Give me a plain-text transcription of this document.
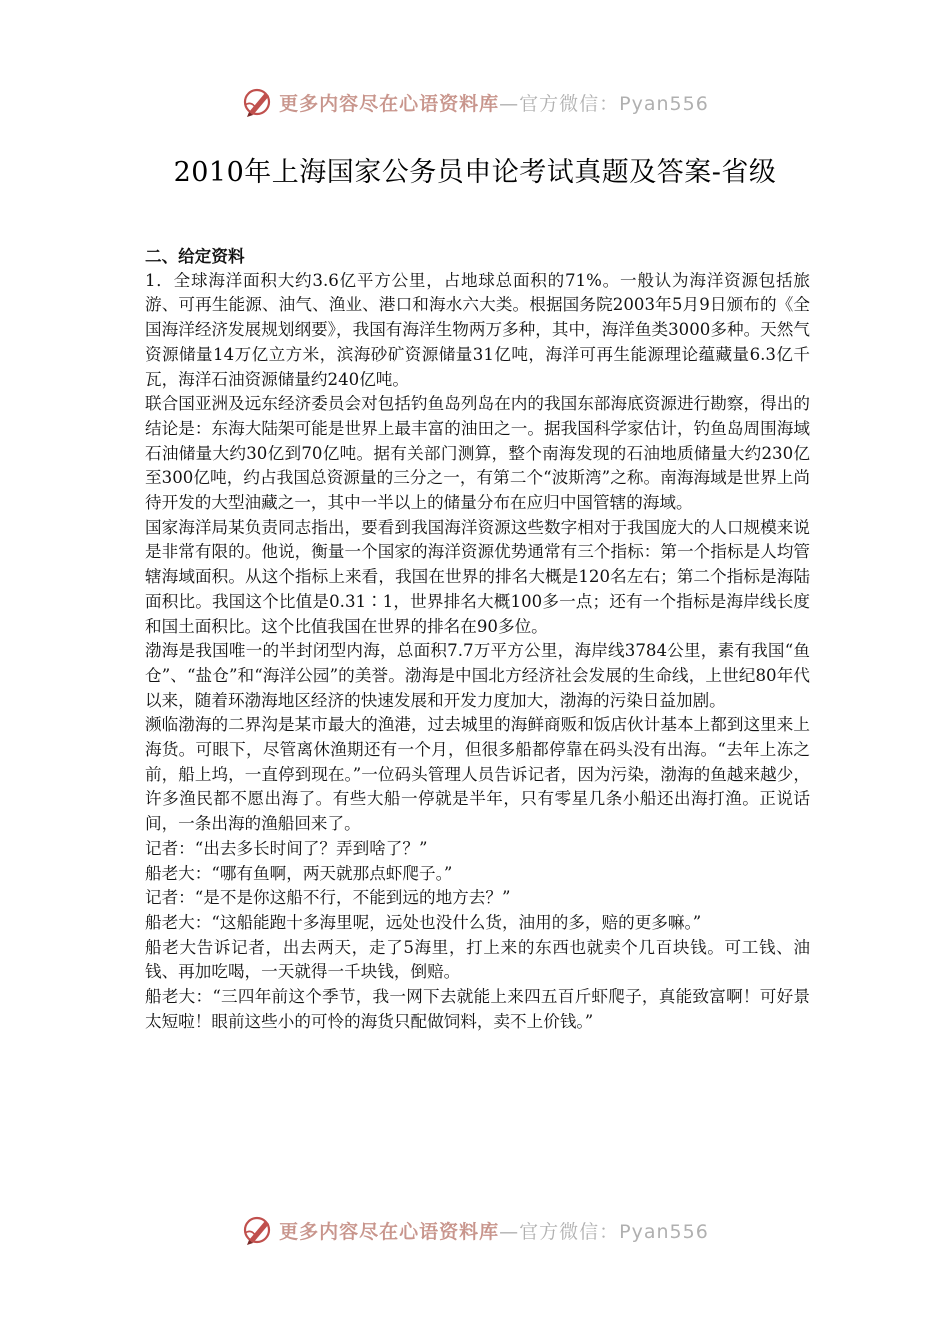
更多内容尽在心语资料库—官方微信：Pyan556
2010年上海国家公务员申论考试真题及答案-省级

二、给定资料

1．全球海洋面积大约3.6亿平方公里，占地球总面积的71%。一般认为海洋资源包括旅游、可再生能源、油气、渔业、港口和海水六大类。根据国务院2003年5月9日颁布的《全国海洋经济发展规划纲要》，我国有海洋生物两万多种，其中，海洋鱼类3000多种。天然气资源储量14万亿立方米，滨海砂矿资源储量31亿吨，海洋可再生能源理论蕴藏量6.3亿千瓦，海洋石油资源储量约240亿吨。

联合国亚洲及远东经济委员会对包括钓鱼岛列岛在内的我国东部海底资源进行勘察，得出的结论是：东海大陆架可能是世界上最丰富的油田之一。据我国科学家估计，钓鱼岛周围海域石油储量大约30亿到70亿吨。据有关部门测算，整个南海发现的石油地质储量大约230亿至300亿吨，约占我国总资源量的三分之一，有第二个“波斯湾”之称。南海海域是世界上尚待开发的大型油藏之一，其中一半以上的储量分布在应归中国管辖的海域。

国家海洋局某负责同志指出，要看到我国海洋资源这些数字相对于我国庞大的人口规模来说是非常有限的。他说，衡量一个国家的海洋资源优势通常有三个指标：第一个指标是人均管辖海域面积。从这个指标上来看，我国在世界的排名大概是120名左右；第二个指标是海陆面积比。我国这个比值是0.31∶1，世界排名大概100多一点；还有一个指标是海岸线长度和国土面积比。这个比值我国在世界的排名在90多位。

渤海是我国唯一的半封闭型内海，总面积7.7万平方公里，海岸线3784公里，素有我国“鱼仓”、“盐仓”和“海洋公园”的美誉。渤海是中国北方经济社会发展的生命线，上世纪80年代以来，随着环渤海地区经济的快速发展和开发力度加大，渤海的污染日益加剧。

濒临渤海的二界沟是某市最大的渔港，过去城里的海鲜商贩和饭店伙计基本上都到这里来上海货。可眼下，尽管离休渔期还有一个月，但很多船都停靠在码头没有出海。“去年上冻之前，船上坞，一直停到现在。”一位码头管理人员告诉记者，因为污染，渤海的鱼越来越少，许多渔民都不愿出海了。有些大船一停就是半年，只有零星几条小船还出海打渔。正说话间，一条出海的渔船回来了。

记者：“出去多长时间了？弄到啥了？”

船老大：“哪有鱼啊，两天就那点虾爬子。”

记者：“是不是你这船不行，不能到远的地方去？”

船老大：“这船能跑十多海里呢，远处也没什么货，油用的多，赔的更多嘛。”

船老大告诉记者，出去两天，走了5海里，打上来的东西也就卖个几百块钱。可工钱、油钱、再加吃喝，一天就得一千块钱，倒赔。

船老大：“三四年前这个季节，我一网下去就能上来四五百斤虾爬子，真能致富啊！可好景太短啦！眼前这些小的可怜的海货只配做饲料，卖不上价钱。”

更多内容尽在心语资料库—官方微信：Pyan556
